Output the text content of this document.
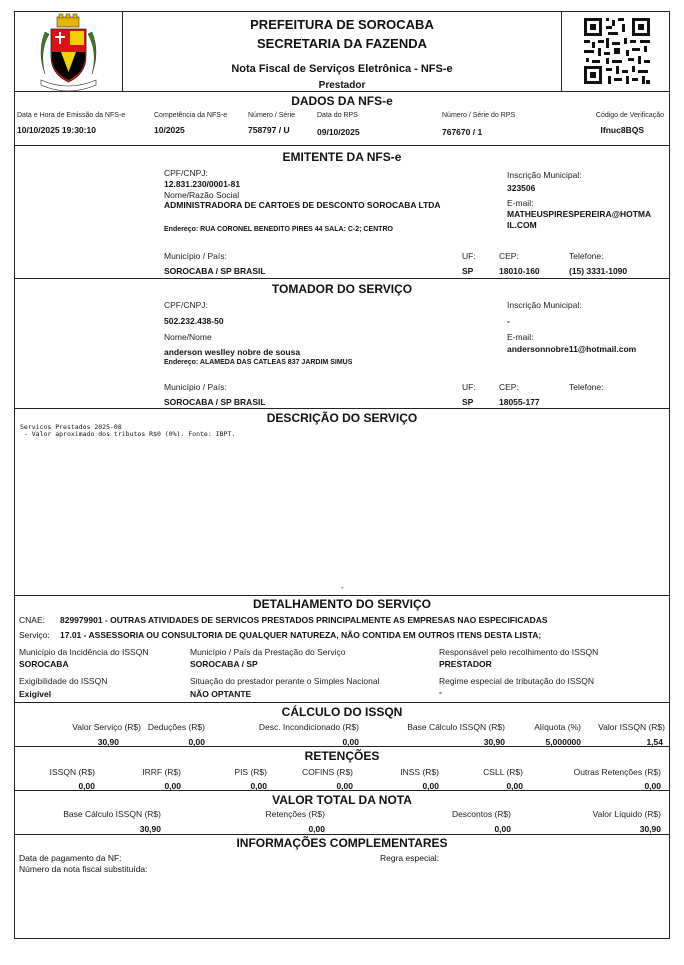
PREFEITURA DE SOROCABA
SECRETARIA DA FAZENDA
Nota Fiscal de Serviços Eletrônica - NFS-e
Prestador
DADOS DA NFS-e
Data e Hora de Emissão da NFS-e
10/10/2025 19:30:10
Competência da NFS-e
10/2025
Número / Série
758797 / U
Data do RPS
09/10/2025
Número / Série do RPS
767670 / 1
Código de Verificação
Ifnuc8BQS
EMITENTE DA NFS-e
CPF/CNPJ:
12.831.230/0001-81
Nome/Razão Social
ADMINISTRADORA DE CARTOES DE DESCONTO SOROCABA LTDA
Endereço: RUA CORONEL BENEDITO PIRES 44 SALA: C-2; CENTRO
Inscrição Municipal:
323506
E-mail:
MATHEUSPIRESPEREIRA@HOTMA
IL.COM
Município / País:
SOROCABA / SP BRASIL
UF:
SP
CEP:
18010-160
Telefone:
(15) 3331-1090
TOMADOR DO SERVIÇO
CPF/CNPJ:
502.232.438-50
Nome/Nome
anderson weslley nobre de sousa
Endereço: ALAMEDA DAS CATLEAS 837 JARDIM SIMUS
Inscrição Municipal:
-
E-mail:
andersonnobre11@hotmail.com
Município / País:
SOROCABA / SP BRASIL
UF:
SP
CEP:
18055-177
Telefone:
DESCRIÇÃO DO SERVIÇO
Servicos Prestados 2025-08
- Valor aproximado dos tributos R$0 (0%). Fonte: IBPT.
-
DETALHAMENTO DO SERVIÇO
CNAE: 829979901 - OUTRAS ATIVIDADES DE SERVICOS PRESTADOS PRINCIPALMENTE AS EMPRESAS NAO ESPECIFICADAS
Serviço: 17.01 - ASSESSORIA OU CONSULTORIA DE QUALQUER NATUREZA, NÃO CONTIDA EM OUTROS ITENS DESTA LISTA;
Município da Incidência do ISSQN
SOROCABA
Município / País da Prestação do Serviço
SOROCABA / SP
Responsável pelo recolhimento do ISSQN
PRESTADOR
Exigibilidade do ISSQN
Exigível
Situação do prestador perante o Simples Nacional
NÃO OPTANTE
Regime especial de tributação do ISSQN
-
CÁLCULO DO ISSQN
Valor Serviço (R$)
30,90
Deduções (R$)
0,00
Desc. Incondicionado (R$)
0,00
Base Cálculo ISSQN (R$)
30,90
Alíquota (%)
5,000000
Valor ISSQN (R$)
1,54
RETENÇÕES
ISSQN (R$)
0,00
IRRF (R$)
0,00
PIS (R$)
0,00
COFINS (R$)
0,00
INSS (R$)
0,00
CSLL (R$)
0,00
Outras Retenções (R$)
0,00
VALOR TOTAL DA NOTA
Base Cálculo ISSQN (R$)
30,90
Retenções (R$)
0,00
Descontos (R$)
0,00
Valor Líquido (R$)
30,90
INFORMAÇÕES COMPLEMENTARES
Data de pagamento da NF:	Regra especial:
Número da nota fiscal substituída:
